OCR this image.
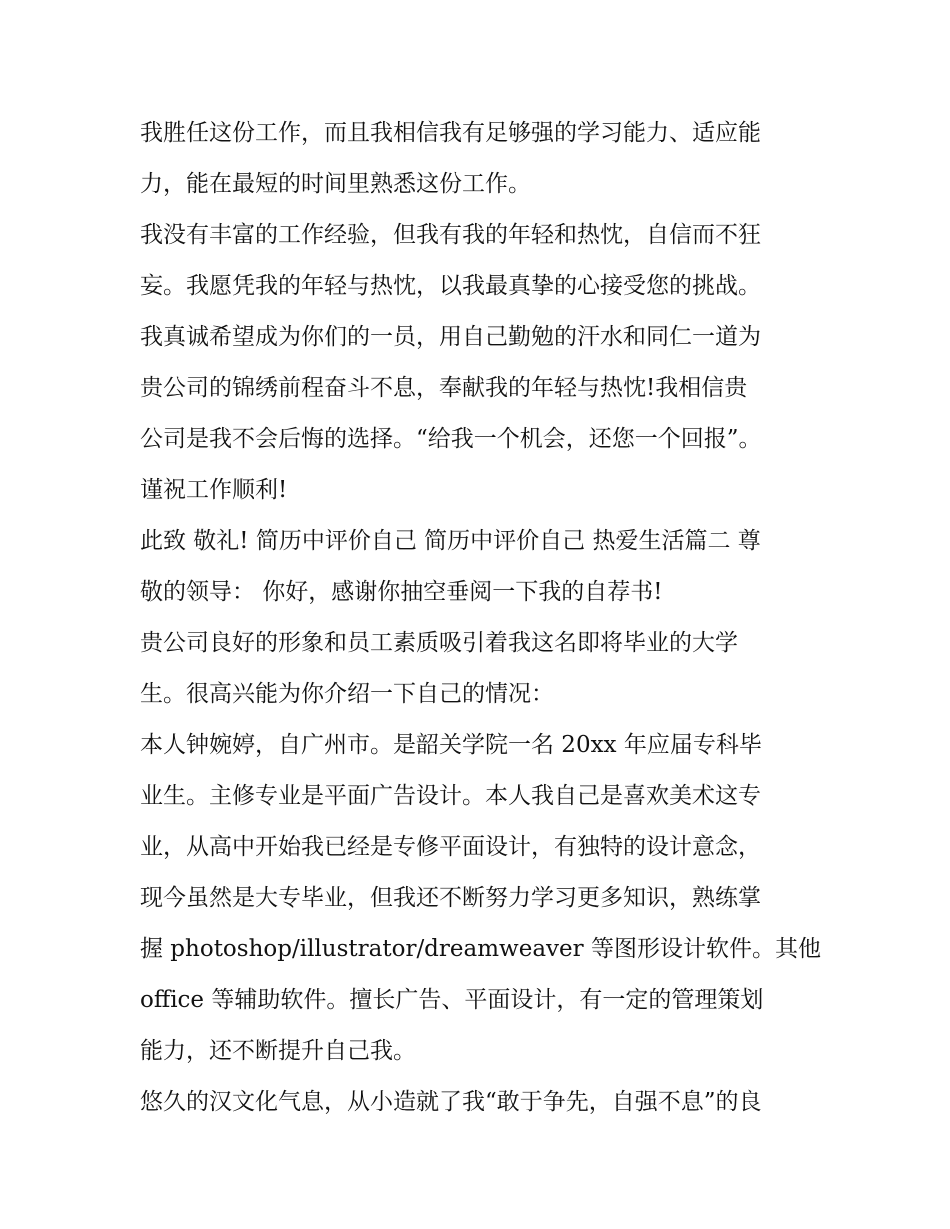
我胜任这份工作，而且我相信我有足够强的学习能力、适应能
力，能在最短的时间里熟悉这份工作。

我没有丰富的工作经验，但我有我的年轻和热忱，自信而不狂
妄。我愿凭我的年轻与热忱，以我最真挚的心接受您的挑战。
我真诚希望成为你们的一员，用自己勤勉的汗水和同仁一道为
贵公司的锦绣前程奋斗不息，奉献我的年轻与热忱!我相信贵
公司是我不会后悔的选择。“给我一个机会，还您一个回报”。

谨祝工作顺利!

此致 敬礼! 简历中评价自己 简历中评价自己 热爱生活篇二 尊
敬的领导： 你好，感谢你抽空垂阅一下我的自荐书!

贵公司良好的形象和员工素质吸引着我这名即将毕业的大学
生。很高兴能为你介绍一下自己的情况：

本人钟婉婷，自广州市。是韶关学院一名 20xx 年应届专科毕
业生。主修专业是平面广告设计。本人我自己是喜欢美术这专
业，从高中开始我已经是专修平面设计，有独特的设计意念，
现今虽然是大专毕业，但我还不断努力学习更多知识，熟练掌
握 photoshop/illustrator/dreamweaver 等图形设计软件。其他
office 等辅助软件。擅长广告、平面设计，有一定的管理策划
能力，还不断提升自己我。

悠久的汉文化气息，从小造就了我“敢于争先，自强不息”的良
